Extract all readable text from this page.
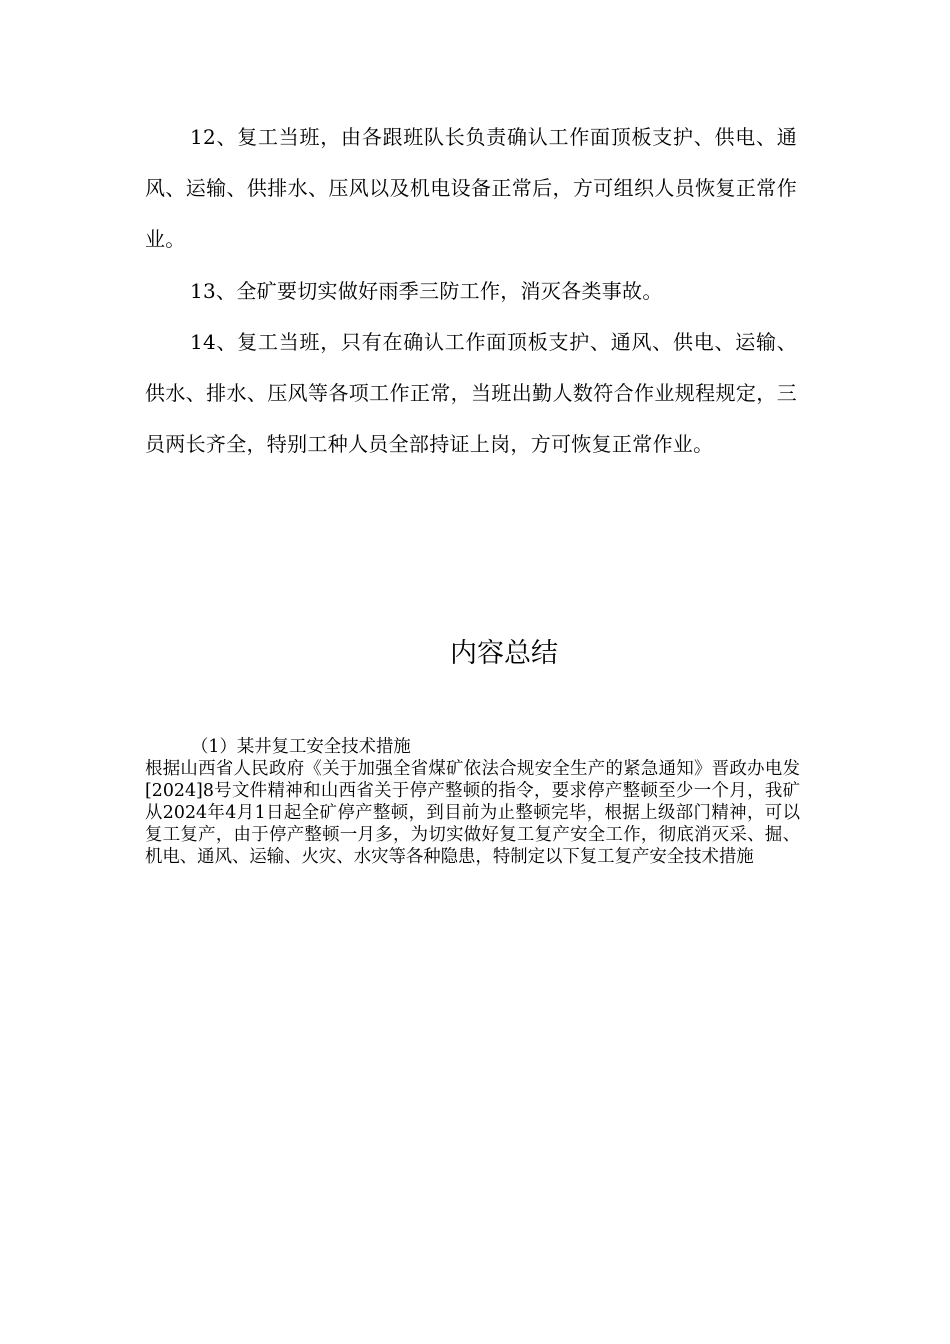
12、复工当班，由各跟班队长负责确认工作面顶板支护、供电、通风、运输、供排水、压风以及机电设备正常后，方可组织人员恢复正常作业。

13、全矿要切实做好雨季三防工作，消灭各类事故。

14、复工当班，只有在确认工作面顶板支护、通风、供电、运输、供水、排水、压风等各项工作正常，当班出勤人数符合作业规程规定，三员两长齐全，特别工种人员全部持证上岗，方可恢复正常作业。

内容总结
（1）某井复工安全技术措施
根据山西省人民政府《关于加强全省煤矿依法合规安全生产的紧急通知》晋政办电发[2024]8号文件精神和山西省关于停产整顿的指令，要求停产整顿至少一个月，我矿从2024年4月1日起全矿停产整顿，到目前为止整顿完毕，根据上级部门精神，可以复工复产，由于停产整顿一月多，为切实做好复工复产安全工作，彻底消灭采、掘、机电、通风、运输、火灾、水灾等各种隐患，特制定以下复工复产安全技术措施
